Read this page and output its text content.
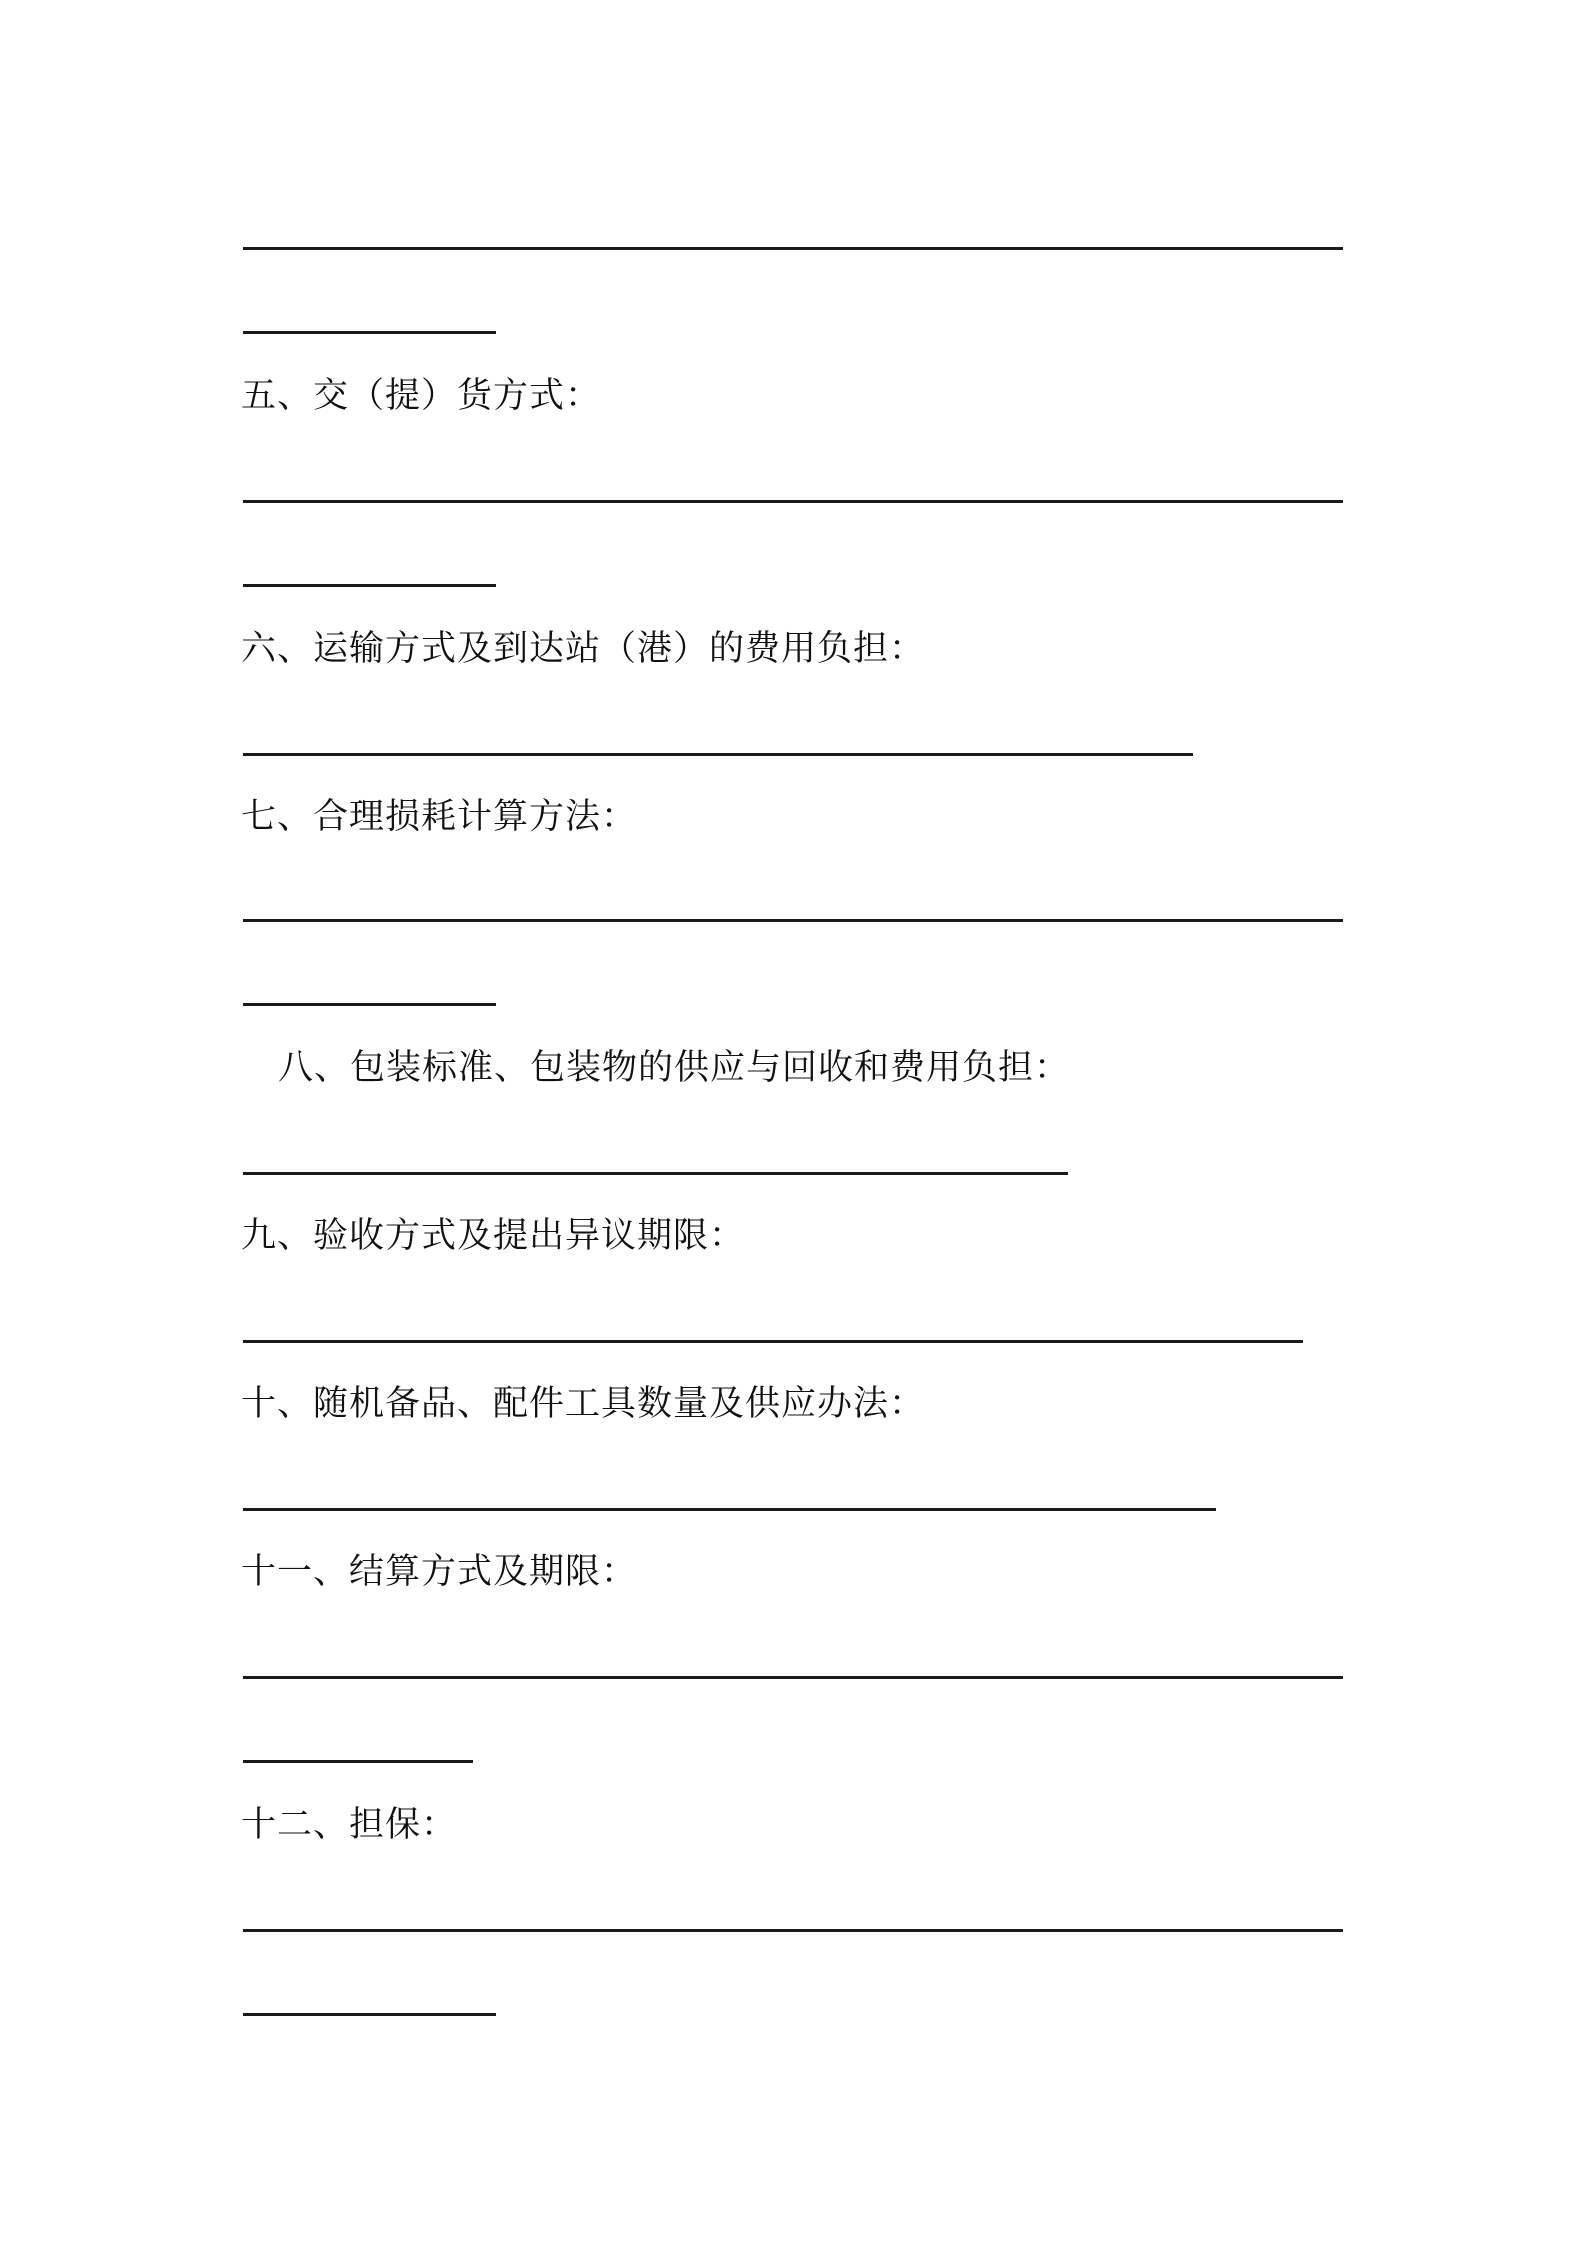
五、交（提）货方式：
六、运输方式及到达站（港）的费用负担：
七、合理损耗计算方法：
八、包装标准、包装物的供应与回收和费用负担：
九、验收方式及提出异议期限：
十、随机备品、配件工具数量及供应办法：
十一、结算方式及期限：
十二、担保：
